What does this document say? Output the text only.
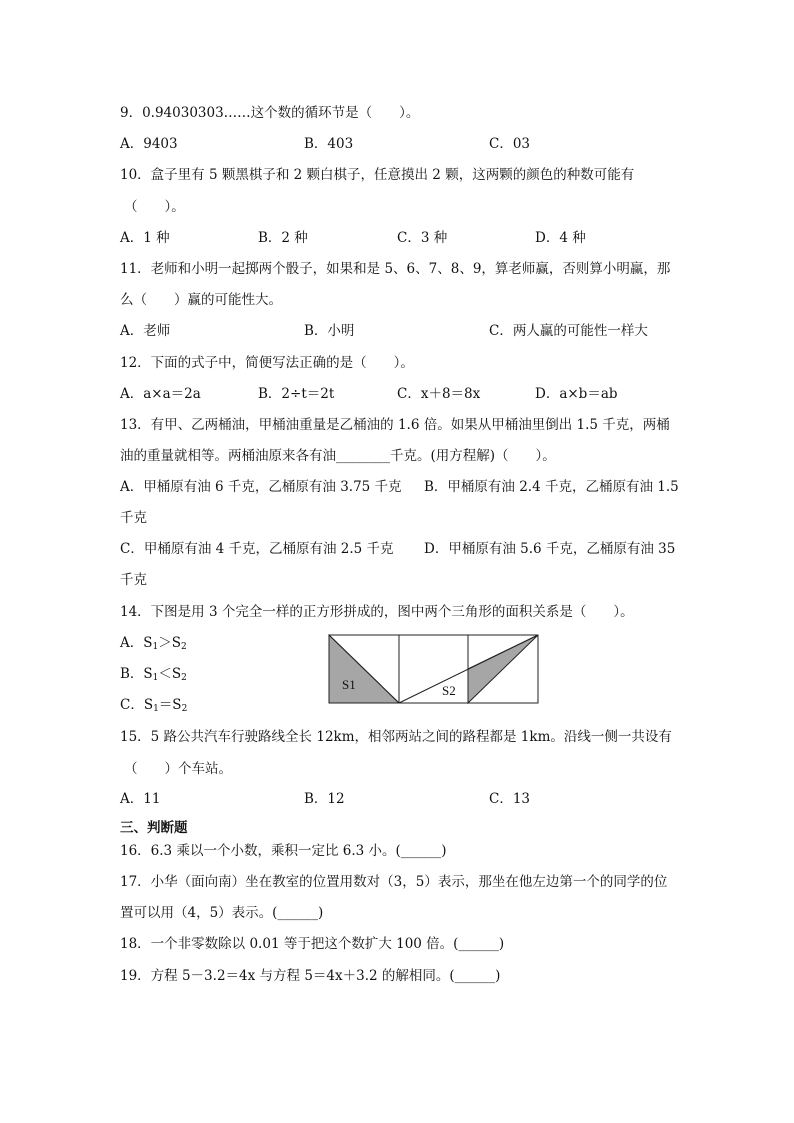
9．0.94030303……这个数的循环节是（　　）。
A．9403	B．403	C．03
10．盒子里有 5 颗黑棋子和 2 颗白棋子，任意摸出 2 颗，这两颗的颜色的种数可能有
（　　）。
A．1 种	B．2 种	C．3 种	D．4 种
11．老师和小明一起掷两个骰子，如果和是 5、6、7、8、9，算老师赢，否则算小明赢，那
么（　　）赢的可能性大。
A．老师	B．小明	C．两人赢的可能性一样大
12．下面的式子中，简便写法正确的是（　　）。
A．a×a＝2a	B．2÷t＝2t	C．x＋8＝8x	D．a×b＝ab
13．有甲、乙两桶油，甲桶油重量是乙桶油的 1.6 倍。如果从甲桶油里倒出 1.5 千克，两桶
油的重量就相等。两桶油原来各有油________千克。(用方程解)（　　）。
A．甲桶原有油 6 千克，乙桶原有油 3.75 千克 B．甲桶原有油 2.4 千克，乙桶原有油 1.5
千克
C．甲桶原有油 4 千克，乙桶原有油 2.5 千克 D．甲桶原有油 5.6 千克，乙桶原有油 35
千克
14．下图是用 3 个完全一样的正方形拼成的，图中两个三角形的面积关系是（　　）。
A．$S_1>S_2$
B．$S_1<S_2$
C．$S_1=S_2$
S1	S2
15．5 路公共汽车行驶路线全长 12km，相邻两站之间的路程都是 1km。沿线一侧一共设有
（　　）个车站。
A．11	B．12	C．13
三、判断题
16．6.3 乘以一个小数，乘积一定比 6.3 小。(______)
17．小华（面向南）坐在教室的位置用数对（3，5）表示，那坐在他左边第一个的同学的位
置可以用（4，5）表示。(______)
18．一个非零数除以 0.01 等于把这个数扩大 100 倍。(______)
19．方程 5－3.2＝4x 与方程 5＝4x＋3.2 的解相同。(______)
